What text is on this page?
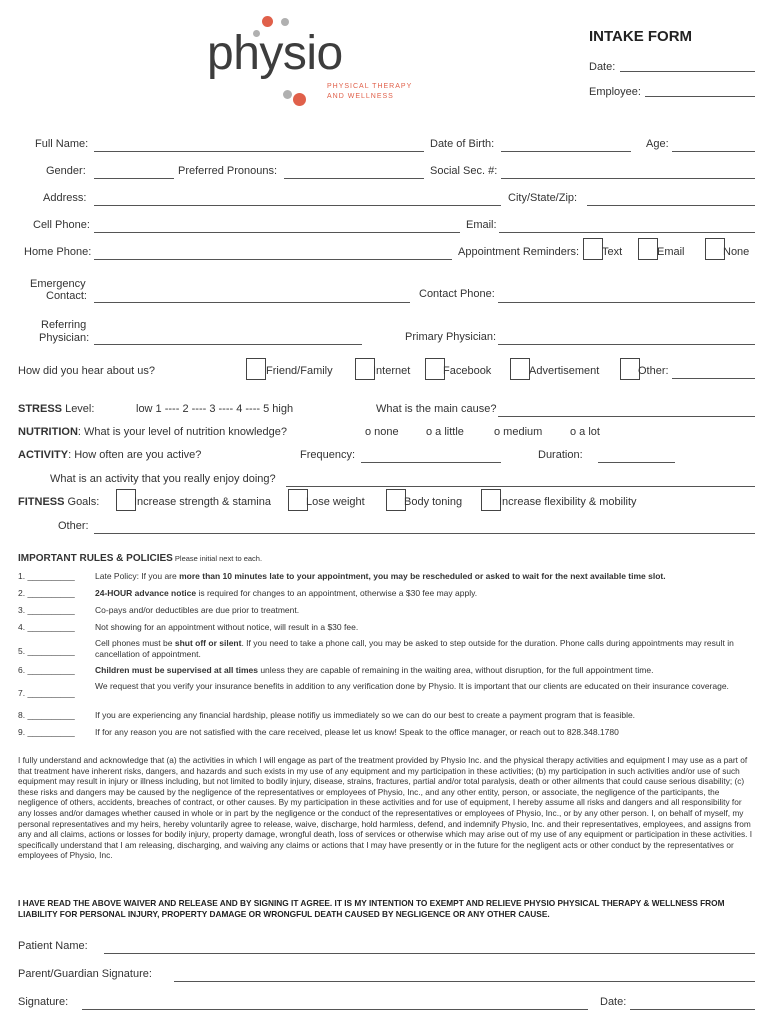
physio
PHYSICAL THERAPY
AND WELLNESS
INTAKE FORM
Date:
Employee:
Full Name:	Date of Birth:	Age:
Gender:	Preferred Pronouns:	Social Sec. #:
Address:	City/State/Zip:
Cell Phone:	Email:
Home Phone:	Appointment Reminders: Text	Email	None
Emergency
Contact:	Contact Phone:
Referring
Physician:	Primary Physician:
How did you hear about us?	Friend/Family	Internet	Facebook	Advertisement	Other:
STRESS Level:	low 1 ---- 2 ---- 3 ---- 4 ---- 5 high	What is the main cause?
NUTRITION: What is your level of nutrition knowledge?	o none o a little	o medium	o a lot
ACTIVITY: How often are you active?	Frequency:	Duration:
What is an activity that you really enjoy doing?
FITNESS Goals:	Increase strength & stamina	Lose weight	Body toning	Increase flexibility & mobility
Other:
IMPORTANT RULES & POLICIES Please initial next to each.
1. __________ Late Policy: If you are more than 10 minutes late to your appointment, you may be rescheduled or asked to wait for the next available time slot.
2. __________ 24-HOUR advance notice is required for changes to an appointment, otherwise a $30 fee may apply.
3. __________ Co-pays and/or deductibles are due prior to treatment.
4. __________ Not showing for an appointment without notice, will result in a $30 fee.
5. __________
Cell phones must be shut off or silent. If you need to take a phone call, you may be asked to step outside for the duration. Phone calls during appointments may result in cancellation of appointment.
6. __________ Children must be supervised at all times unless they are capable of remaining in the waiting area, without disruption, for the full appointment time.
7. __________
We request that you verify your insurance benefits in addition to any verification done by Physio. It is important that our clients are educated on their insurance coverage.
8. __________ If you are experiencing any financial hardship, please notifiy us immediately so we can do our best to create a payment program that is feasible.
9. __________ If for any reason you are not satisfied with the care received, please let us know! Speak to the office manager, or reach out to 828.348.1780
I fully understand and acknowledge that (a) the activities in which I will engage as part of the treatment provided by Physio Inc. and the physical therapy activities and equipment I may use as a part of that treatment have inherent risks, dangers, and hazards and such exists in my use of any equipment and my participation in these activities; (b) my participation in such activities and/or use of such equipment may result in injury or illness including, but not limited to bodily injury, disease, strains, fractures, partial and/or total paralysis, death or other ailments that could cause serious disability; (c) these risks and dangers may be caused by the negligence of the representatives or employees of Physio, Inc., and any other entity, person, or associate, the negligence of the participants, the negligence of others, accidents, breaches of contract, or other causes. By my participation in these activities and for use of equipment, I hereby assume all risks and dangers and all responsibility for any losses and/or damages whether caused in whole or in part by the negligence or the conduct of the representatives or employees of Physio, Inc., or by any other person. I, on behalf of myself, my personal representatives and my heirs, hereby voluntarily agree to release, waive, discharge, hold harmless, defend, and indemnify Physio, Inc. and their representatives, employees, and assigns from any and all claims, actions or losses for bodily injury, property damage, wrongful death, loss of services or otherwise which may arise out of my use of any equipment or participation in these activities. I specifically understand that I am releasing, discharging, and waiving any claims or actions that I may have presently or in the future for the negligent acts or other conduct by the representatives or employees of Physio, Inc.
I HAVE READ THE ABOVE WAIVER AND RELEASE AND BY SIGNING IT AGREE. IT IS MY INTENTION TO EXEMPT AND RELIEVE PHYSIO PHYSICAL THERAPY & WELLNESS FROM LIABILITY FOR PERSONAL INJURY, PROPERTY DAMAGE OR WRONGFUL DEATH CAUSED BY NEGLIGENCE OR ANY OTHER CAUSE.
Patient Name:
Parent/Guardian Signature:
Signature:	Date:
